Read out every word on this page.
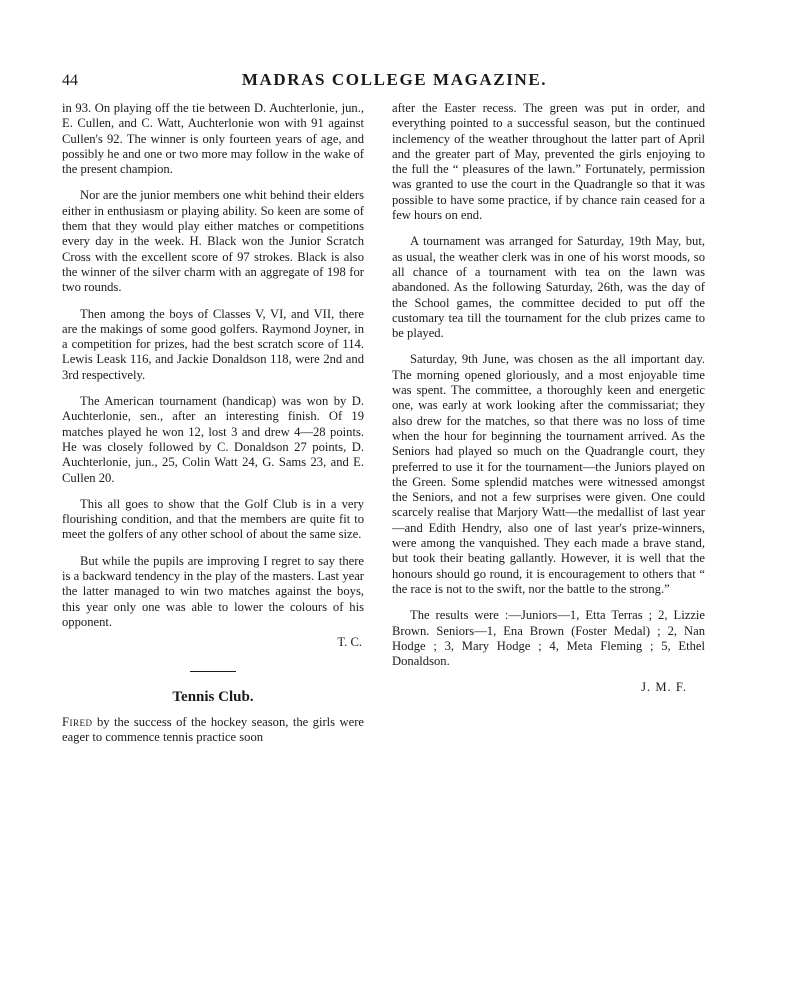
44	MADRAS COLLEGE MAGAZINE.

in 93. On playing off the tie between D. Auchterlonie, jun., E. Cullen, and C. Watt, Auchterlonie won with 91 against Cullen's 92. The winner is only fourteen years of age, and possibly he and one or two more may follow in the wake of the present champion.

Nor are the junior members one whit behind their elders either in enthusiasm or playing ability. So keen are some of them that they would play either matches or competitions every day in the week. H. Black won the Junior Scratch Cross with the excellent score of 97 strokes. Black is also the winner of the silver charm with an aggregate of 198 for two rounds.

Then among the boys of Classes V, VI, and VII, there are the makings of some good golfers. Raymond Joyner, in a competition for prizes, had the best scratch score of 114. Lewis Leask 116, and Jackie Donaldson 118, were 2nd and 3rd respectively.

The American tournament (handicap) was won by D. Auchterlonie, sen., after an interesting finish. Of 19 matches played he won 12, lost 3 and drew 4—28 points. He was closely followed by C. Donaldson 27 points, D. Auchterlonie, jun., 25, Colin Watt 24, G. Sams 23, and E. Cullen 20.

This all goes to show that the Golf Club is in a very flourishing condition, and that the members are quite fit to meet the golfers of any other school of about the same size.

But while the pupils are improving I regret to say there is a backward tendency in the play of the masters. Last year the latter managed to win two matches against the boys, this year only one was able to lower the colours of his opponent.

T. C.
Tennis Club.

Fired by the success of the hockey season, the girls were eager to commence tennis practice soon

after the Easter recess. The green was put in order, and everything pointed to a successful season, but the continued inclemency of the weather throughout the latter part of April and the greater part of May, prevented the girls enjoying to the full the “ pleasures of the lawn.” Fortunately, permission was granted to use the court in the Quadrangle so that it was possible to have some practice, if by chance rain ceased for a few hours on end.

A tournament was arranged for Saturday, 19th May, but, as usual, the weather clerk was in one of his worst moods, so all chance of a tournament with tea on the lawn was abandoned. As the following Saturday, 26th, was the day of the School games, the committee decided to put off the customary tea till the tournament for the club prizes came to be played.

Saturday, 9th June, was chosen as the all important day. The morning opened gloriously, and a most enjoyable time was spent. The committee, a thoroughly keen and energetic one, was early at work looking after the commissariat; they also drew for the matches, so that there was no loss of time when the hour for beginning the tournament arrived. As the Seniors had played so much on the Quadrangle court, they preferred to use it for the tournament—the Juniors played on the Green. Some splendid matches were witnessed amongst the Seniors, and not a few surprises were given. One could scarcely realise that Marjory Watt—the medallist of last year—and Edith Hendry, also one of last year's prize-winners, were among the vanquished. They each made a brave stand, but took their beating gallantly. However, it is well that the honours should go round, it is encouragement to others that “ the race is not to the swift, nor the battle to the strong.”

The results were :—Juniors—1, Etta Terras ; 2, Lizzie Brown. Seniors—1, Ena Brown (Foster Medal) ; 2, Nan Hodge ; 3, Mary Hodge ; 4, Meta Fleming ; 5, Ethel Donaldson.

J. M. F.
